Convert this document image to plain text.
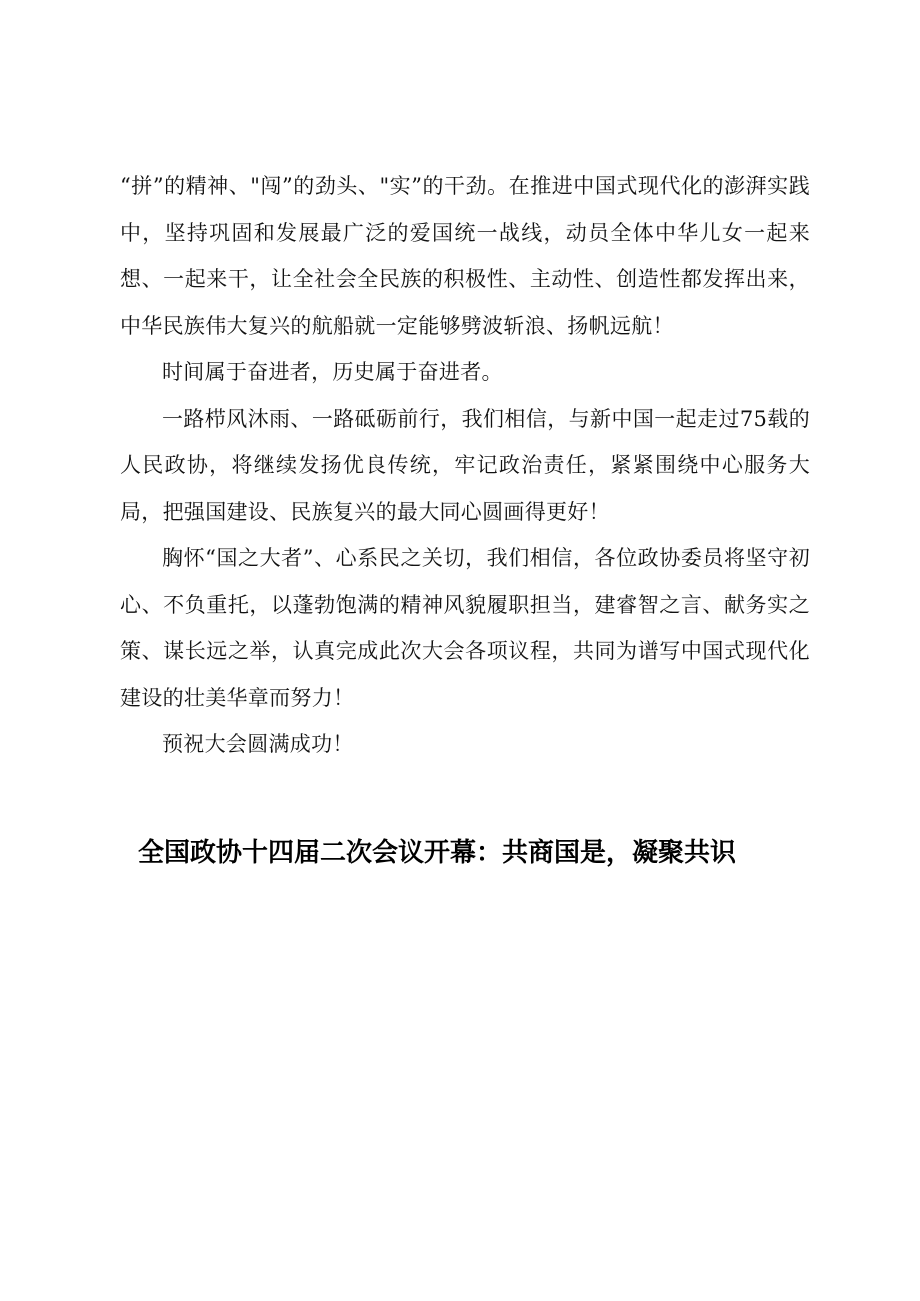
“拼”的精神、"闯”的劲头、"实”的干劲。在推进中国式现代化的澎湃实践中，坚持巩固和发展最广泛的爱国统一战线，动员全体中华儿女一起来想、一起来干，让全社会全民族的积极性、主动性、创造性都发挥出来，中华民族伟大复兴的航船就一定能够劈波斩浪、扬帆远航！

时间属于奋进者，历史属于奋进者。

一路栉风沐雨、一路砥砺前行，我们相信，与新中国一起走过75载的人民政协，将继续发扬优良传统，牢记政治责任，紧紧围绕中心服务大局，把强国建设、民族复兴的最大同心圆画得更好！

胸怀“国之大者”、心系民之关切，我们相信，各位政协委员将坚守初心、不负重托，以蓬勃饱满的精神风貌履职担当，建睿智之言、献务实之策、谋长远之举，认真完成此次大会各项议程，共同为谱写中国式现代化建设的壮美华章而努力！

预祝大会圆满成功！

全国政协十四届二次会议开幕：共商国是，凝聚共识
